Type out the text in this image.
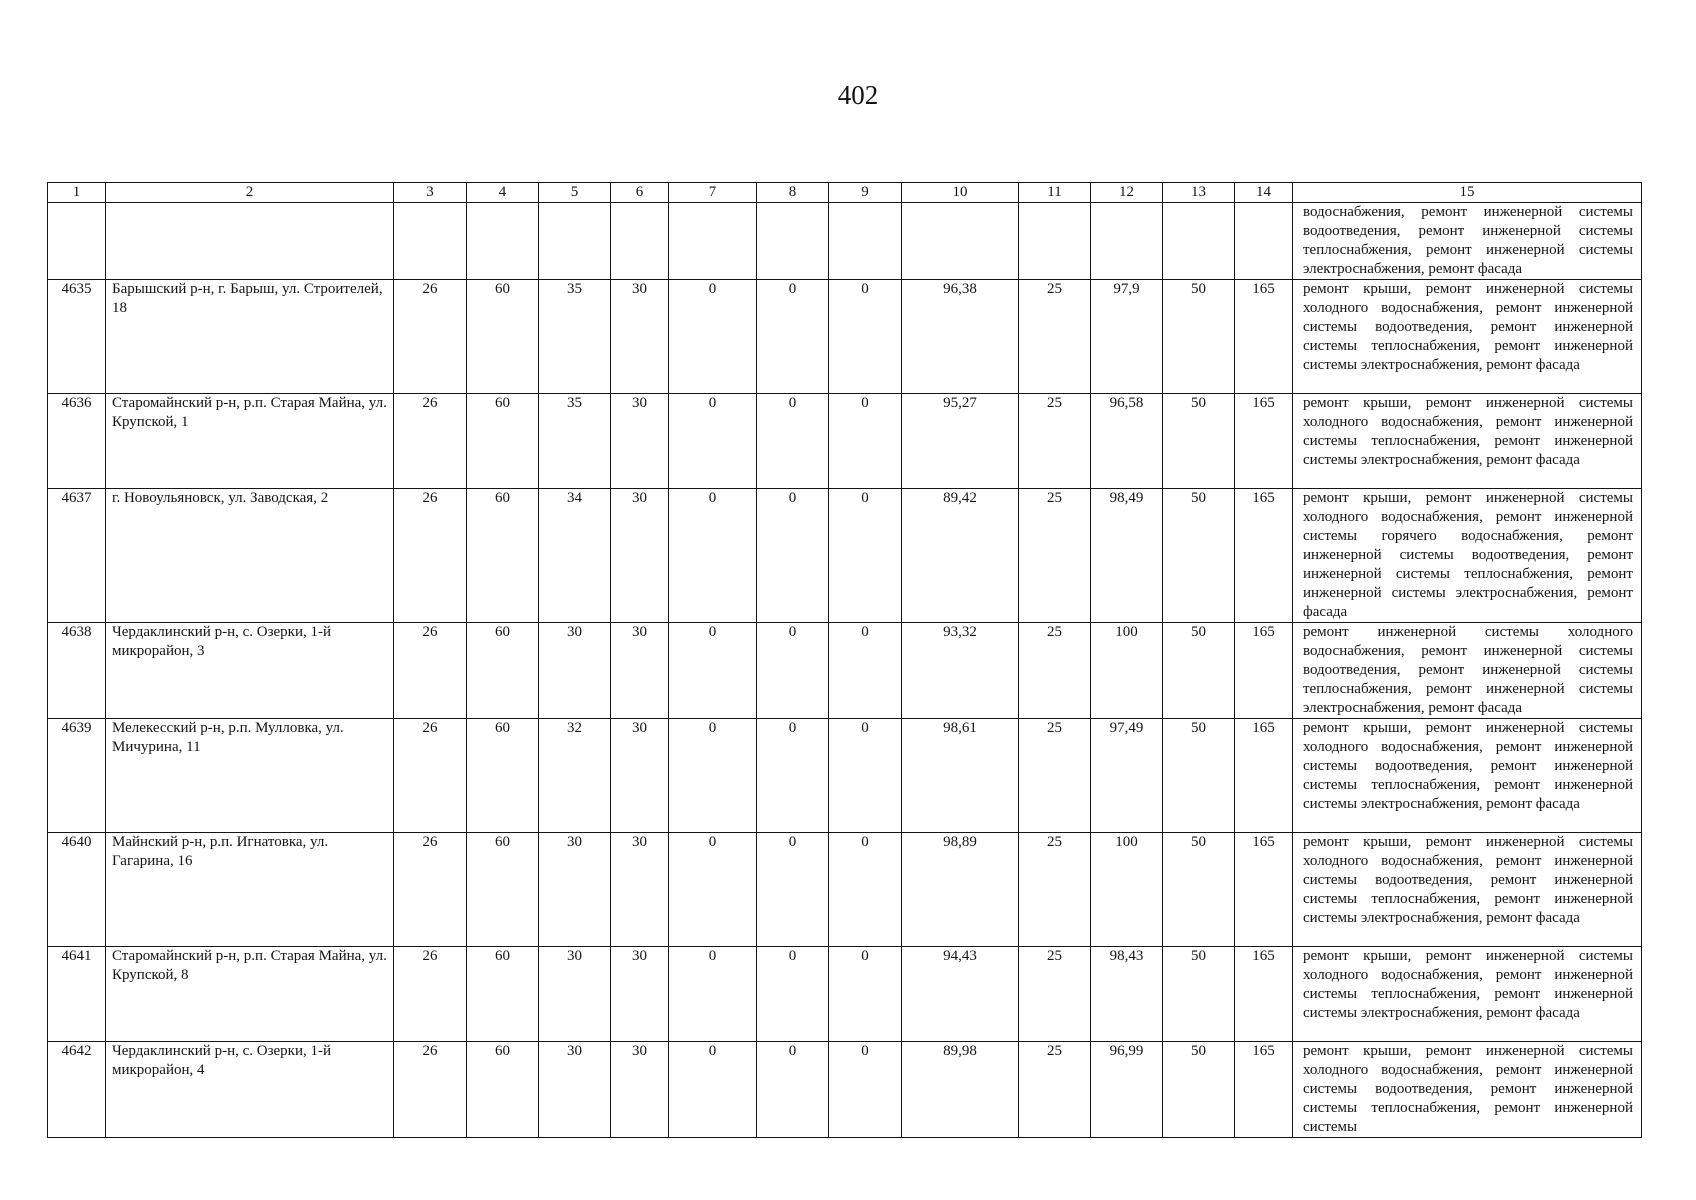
402
1	2	3	4	5	6	7	8	9	10	11	12	13	14	15
														водоснабжения, ремонт инженерной системы водоотведения, ремонт инженерной системы теплоснабжения, ремонт инженерной системы электроснабжения, ремонт фасада
4635	Барышский р-н, г. Барыш, ул. Строителей, 18	26	60	35	30	0	0	0	96,38	25	97,9	50	165	ремонт крыши, ремонт инженерной системы холодного водоснабжения, ремонт инженерной системы водоотведения, ремонт инженерной системы теплоснабжения, ремонт инженерной системы электроснабжения, ремонт фасада
4636	Старомайнский р-н, р.п. Старая Майна, ул. Крупской, 1	26	60	35	30	0	0	0	95,27	25	96,58	50	165	ремонт крыши, ремонт инженерной системы холодного водоснабжения, ремонт инженерной системы теплоснабжения, ремонт инженерной системы электроснабжения, ремонт фасада
4637	г. Новоульяновск, ул. Заводская, 2	26	60	34	30	0	0	0	89,42	25	98,49	50	165	ремонт крыши, ремонт инженерной системы холодного водоснабжения, ремонт инженерной системы горячего водоснабжения, ремонт инженерной системы водоотведения, ремонт инженерной системы теплоснабжения, ремонт инженерной системы электроснабжения, ремонт фасада
4638	Чердаклинский р-н, с. Озерки, 1-й микрорайон, 3	26	60	30	30	0	0	0	93,32	25	100	50	165	ремонт инженерной системы холодного водоснабжения, ремонт инженерной системы водоотведения, ремонт инженерной системы теплоснабжения, ремонт инженерной системы электроснабжения, ремонт фасада
4639	Мелекесский р-н, р.п. Мулловка, ул. Мичурина, 11	26	60	32	30	0	0	0	98,61	25	97,49	50	165	ремонт крыши, ремонт инженерной системы холодного водоснабжения, ремонт инженерной системы водоотведения, ремонт инженерной системы теплоснабжения, ремонт инженерной системы электроснабжения, ремонт фасада
4640	Майнский р-н, р.п. Игнатовка, ул. Гагарина, 16	26	60	30	30	0	0	0	98,89	25	100	50	165	ремонт крыши, ремонт инженерной системы холодного водоснабжения, ремонт инженерной системы водоотведения, ремонт инженерной системы теплоснабжения, ремонт инженерной системы электроснабжения, ремонт фасада
4641	Старомайнский р-н, р.п. Старая Майна, ул. Крупской, 8	26	60	30	30	0	0	0	94,43	25	98,43	50	165	ремонт крыши, ремонт инженерной системы холодного водоснабжения, ремонт инженерной системы теплоснабжения, ремонт инженерной системы электроснабжения, ремонт фасада
4642	Чердаклинский р-н, с. Озерки, 1-й микрорайон, 4	26	60	30	30	0	0	0	89,98	25	96,99	50	165	ремонт крыши, ремонт инженерной системы холодного водоснабжения, ремонт инженерной системы водоотведения, ремонт инженерной системы теплоснабжения, ремонт инженерной системы
